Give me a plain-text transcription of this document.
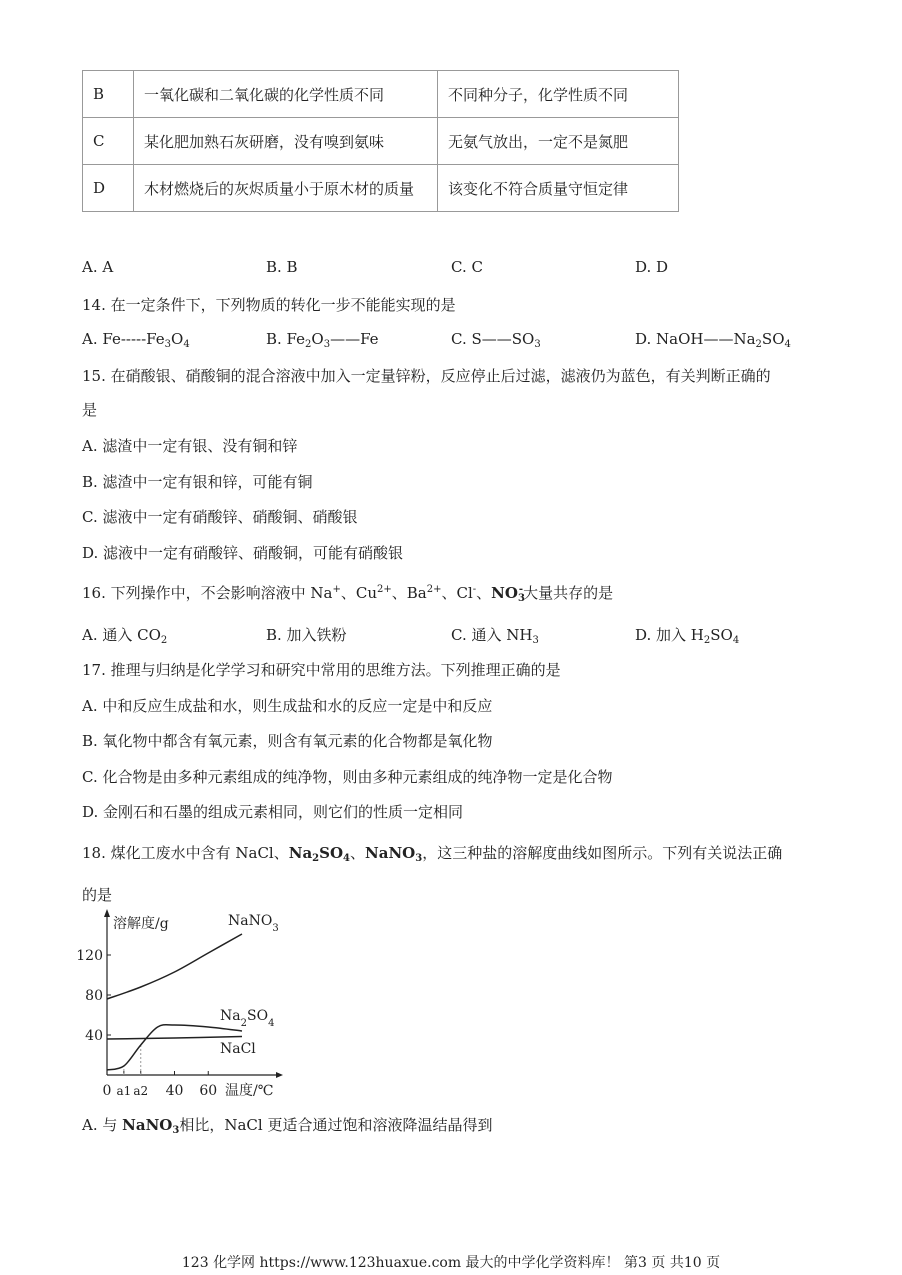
B	一氧化碳和二氧化碳的化学性质不同	不同种分子，化学性质不同
C	某化肥加熟石灰研磨，没有嗅到氨味	无氨气放出，一定不是氮肥
D	木材燃烧后的灰烬质量小于原木材的质量	该变化不符合质量守恒定律
A. A	B. B	C. C	D. D
14. 在一定条件下，下列物质的转化一步不能能实现的是
A. $Fe-----Fe_3O_4$	B. $Fe_2O_3——Fe$	C. $S——SO_3$	D. $NaOH——Na_2SO_4$
15. 在硝酸银、硝酸铜的混合溶液中加入一定量锌粉，反应停止后过滤，滤液仍为蓝色，有关判断正确的
是
A. 滤渣中一定有银、没有铜和锌
B. 滤渣中一定有银和锌，可能有铜
C. 滤液中一定有硝酸锌、硝酸铜、硝酸银
D. 滤液中一定有硝酸锌、硝酸铜，可能有硝酸银
16. 下列操作中，不会影响溶液中 Na+、$Cu^{2+}$、$Ba^{2+}$、Cl-、$NO_3^-$大量共存的是
A. 通入 $CO_2$	B. 加入铁粉	C. 通入 $NH_3$	D. 加入 $H_2SO_4$
17. 推理与归纳是化学学习和研究中常用的思维方法。下列推理正确的是
A. 中和反应生成盐和水，则生成盐和水的反应一定是中和反应
B. 氧化物中都含有氧元素，则含有氧元素的化合物都是氧化物
C. 化合物是由多种元素组成的纯净物，则由多种元素组成的纯净物一定是化合物
D. 金刚石和石墨的组成元素相同，则它们的性质一定相同
18. 煤化工废水中含有 NaCl、$Na_2SO_4$、NaNO$_3$，这三种盐的溶解度曲线如图所示。下列有关说法正确
的是
溶解度/g
40
80
120
0 a1 a2 40 60 温度/℃
NaNO$_3$
$Na_2SO_4$
NaCl
A. 与 NaNO$_3$相比，NaCl 更适合通过饱和溶液降温结晶得到
123 化学网 https://www.123huaxue.com 最大的中学化学资料库！ 第3 页 共10 页
